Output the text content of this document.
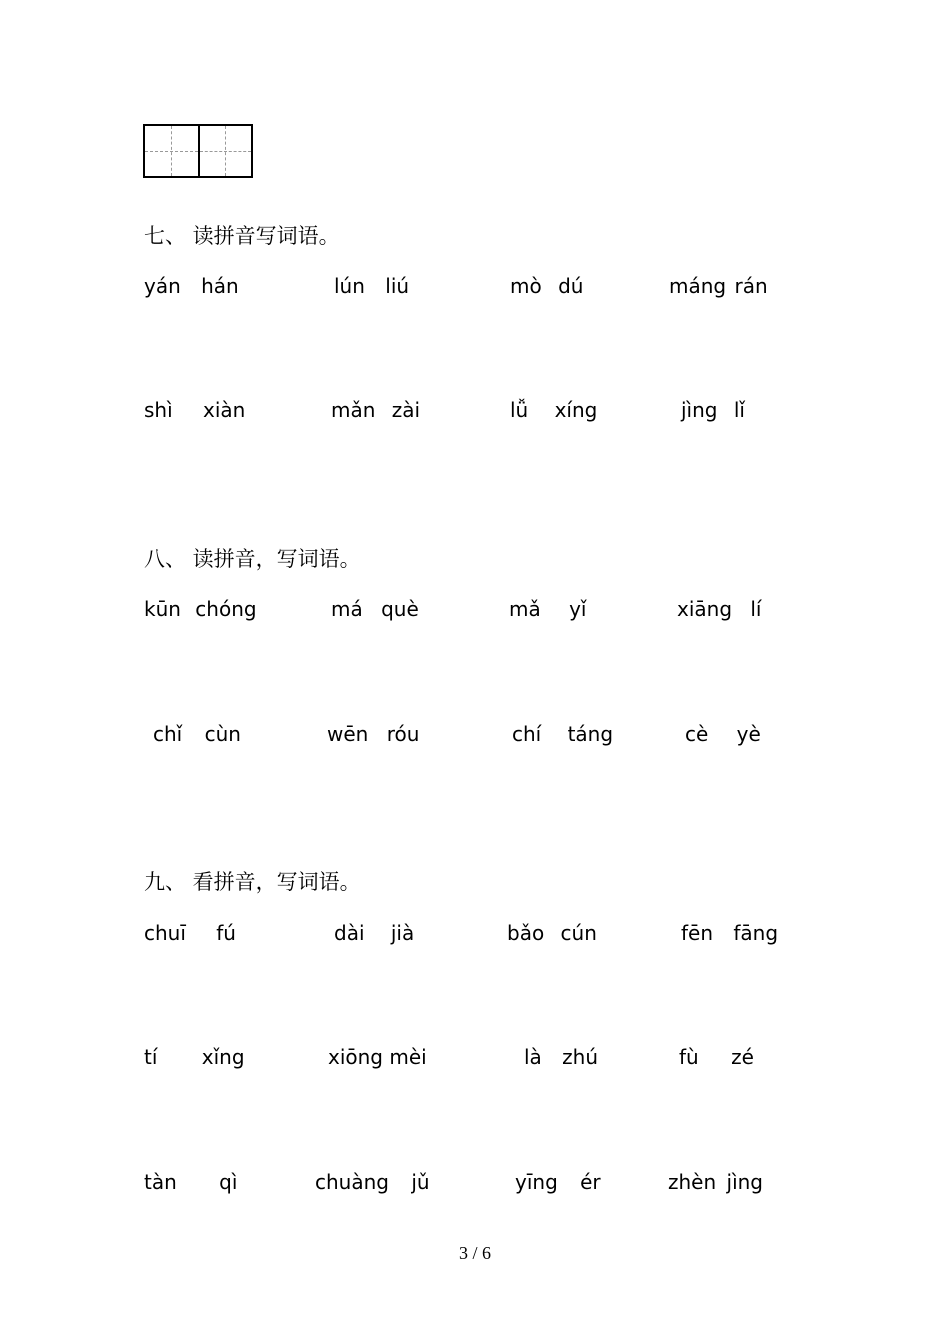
七、 读拼音写词语。
yán hán	lún liú	mò dú	máng rán
shì xiàn	mǎn zài	lǚ xíng	jìng lǐ
八、 读拼音，写词语。
kūn chóng	má què	mǎ yǐ	xiāng lí
chǐ cùn	wēn róu	chí táng	cè yè
九、 看拼音，写词语。
chuī fú	dài jià	bǎo cún	fēn fāng
tí xǐng	xiōng mèi	là zhú	fù zé
tàn qì	chuàng jǔ	yīng ér	zhèn jìng
3 / 6
